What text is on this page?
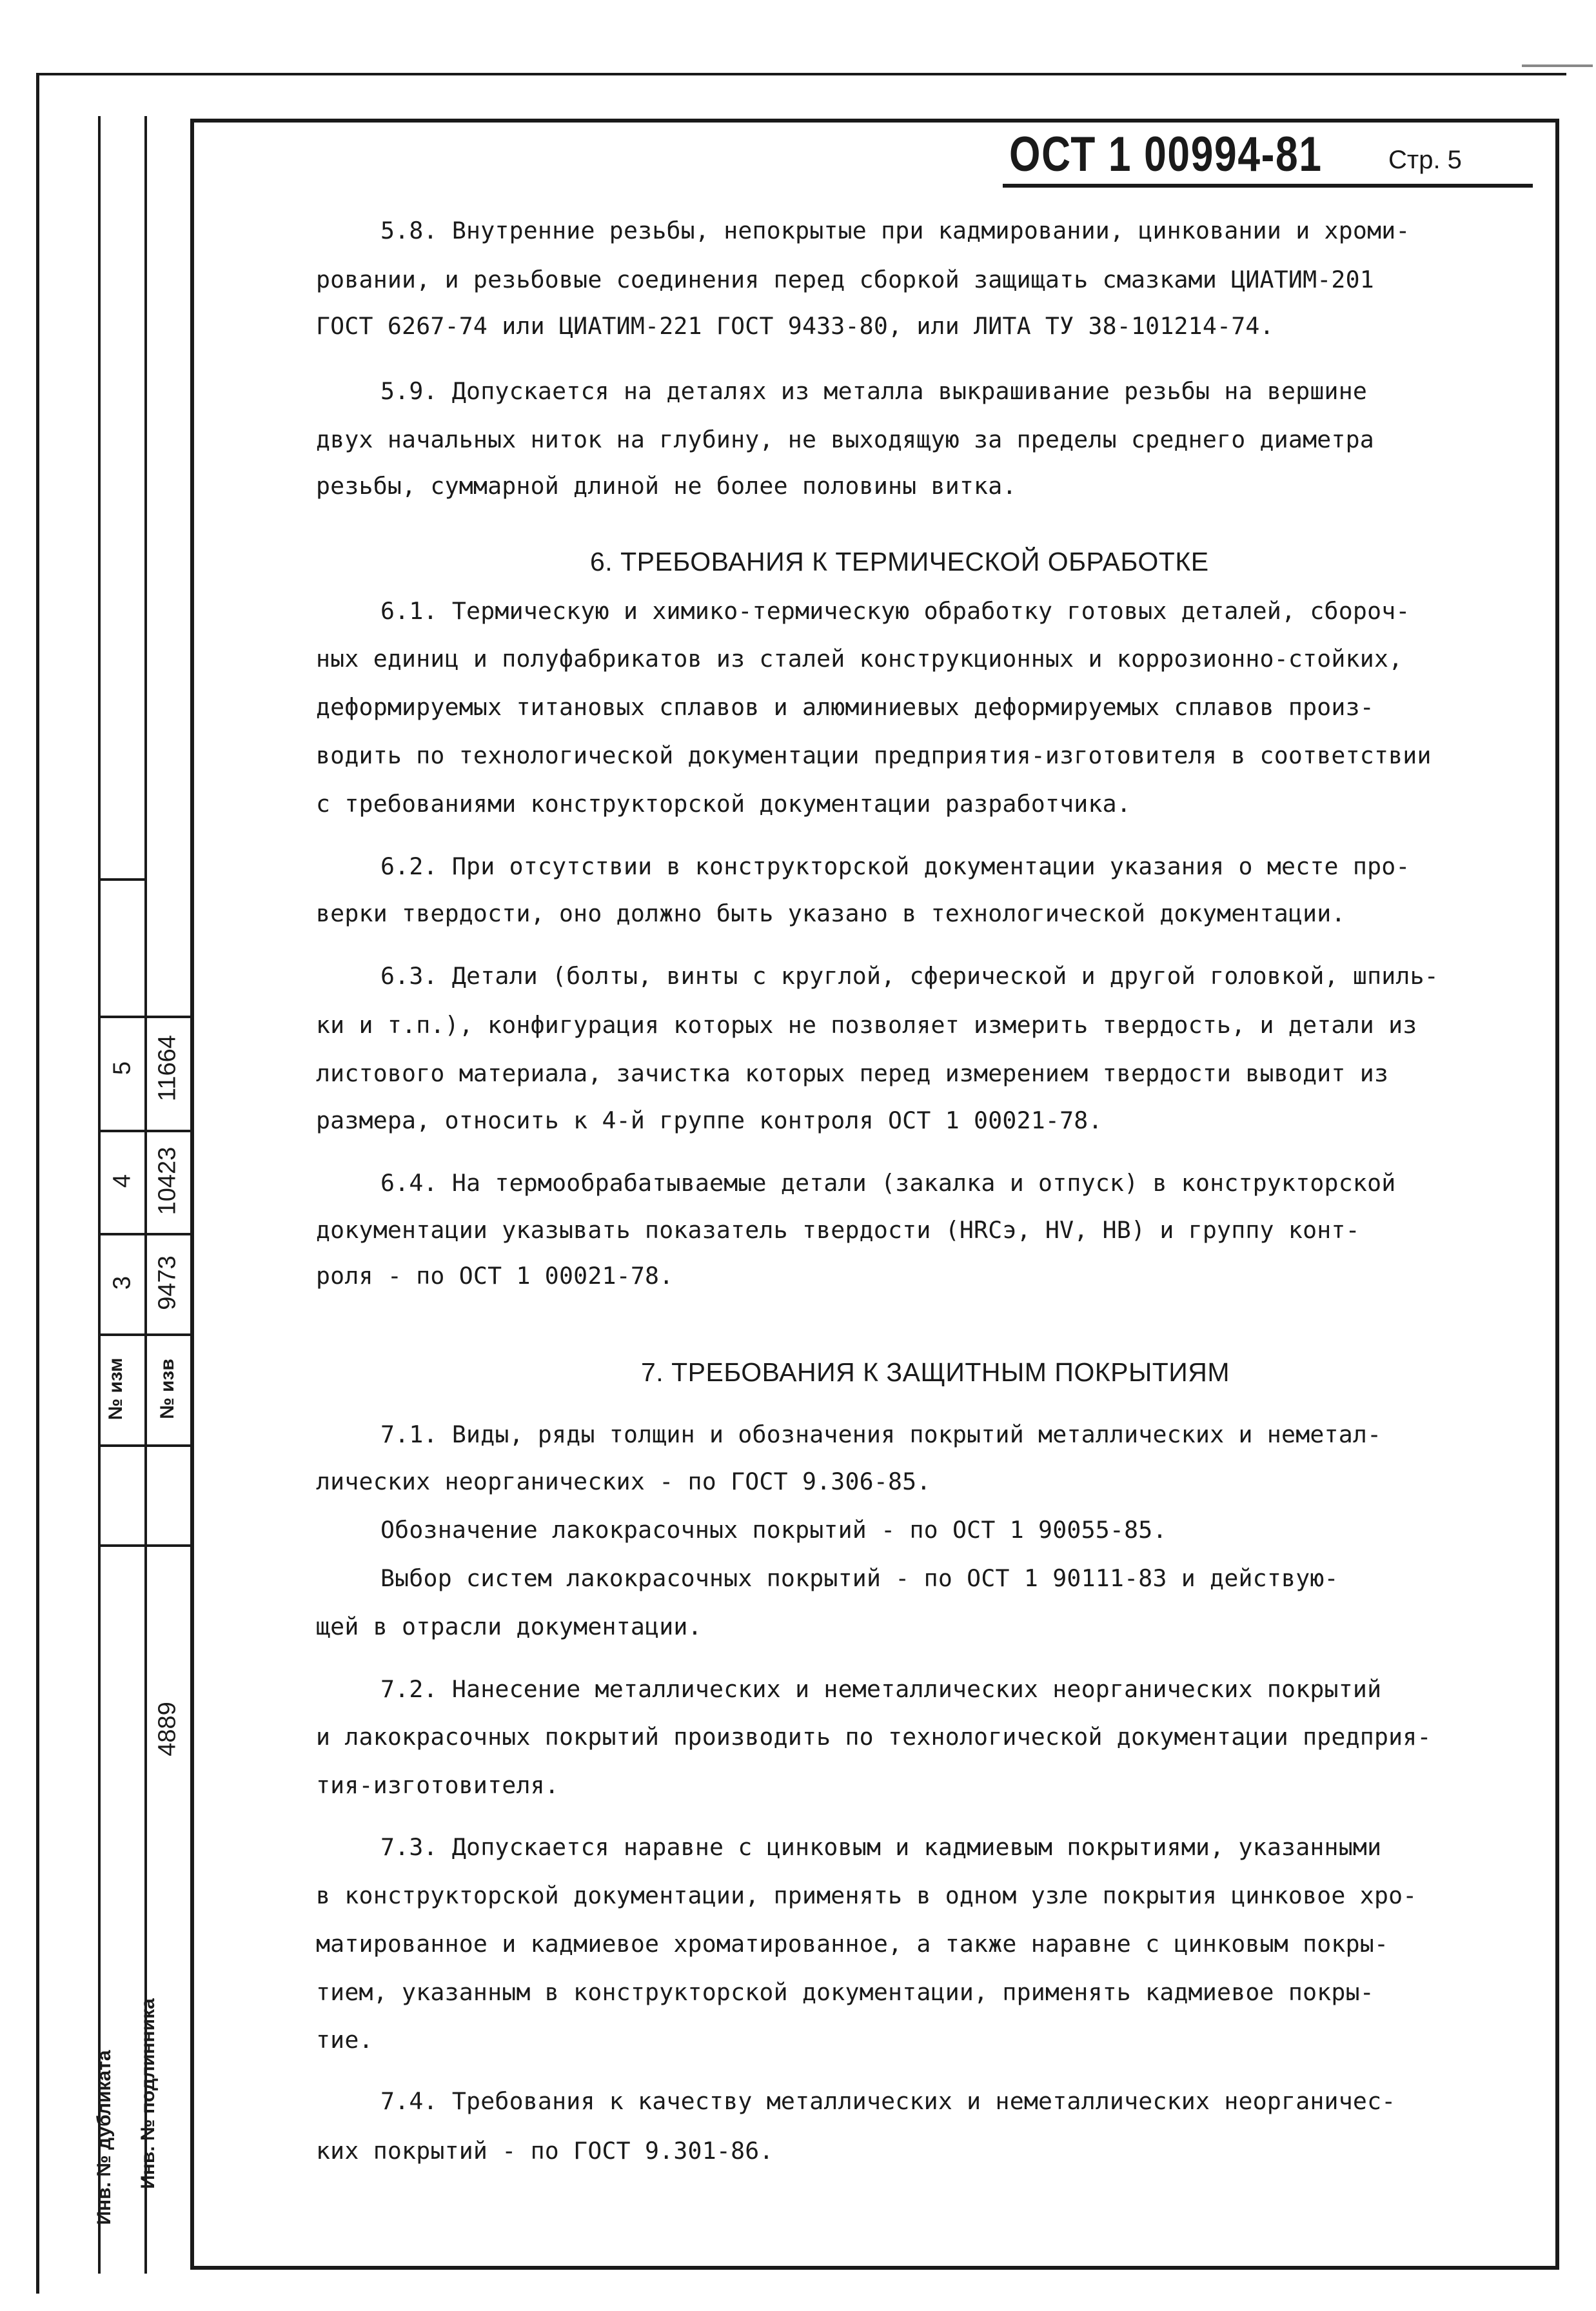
5 11664
4 10423
3 9473
№ изм № изв
4889
Инв. № дубликата Инв. № подлинника
ОСТ 1 00994-81	Стр. 5
5.8. Внутренние резьбы, непокрытые при кадмировании, цинковании и хроми-
ровании, и резьбовые соединения перед сборкой защищать смазками ЦИАТИМ-201
ГОСТ 6267-74 или ЦИАТИМ-221 ГОСТ 9433-80, или ЛИТА ТУ 38-101214-74.
5.9. Допускается на деталях из металла выкрашивание резьбы на вершине
двух начальных ниток на глубину, не выходящую за пределы среднего диаметра
резьбы, суммарной длиной не более половины витка.
6. ТРЕБОВАНИЯ К ТЕРМИЧЕСКОЙ ОБРАБОТКЕ
6.1. Термическую и химико-термическую обработку готовых деталей, сбороч-
ных единиц и полуфабрикатов из сталей конструкционных и коррозионно-стойких,
деформируемых титановых сплавов и алюминиевых деформируемых сплавов произ-
водить по технологической документации предприятия-изготовителя в соответствии
с требованиями конструкторской документации разработчика.
6.2. При отсутствии в конструкторской документации указания о месте про-
верки твердости, оно должно быть указано в технологической документации.
6.3. Детали (болты, винты с круглой, сферической и другой головкой, шпиль-
ки и т.п.), конфигурация которых не позволяет измерить твердость, и детали из
листового материала, зачистка которых перед измерением твердости выводит из
размера, относить к 4-й группе контроля ОСТ 1 00021-78.
6.4. На термообрабатываемые детали (закалка и отпуск) в конструкторской
документации указывать показатель твердости (HRCэ, HV, HB) и группу конт-
роля - по ОСТ 1 00021-78.
7. ТРЕБОВАНИЯ К ЗАЩИТНЫМ ПОКРЫТИЯМ
7.1. Виды, ряды толщин и обозначения покрытий металлических и неметал-
лических неорганических - по ГОСТ 9.306-85.
Обозначение лакокрасочных покрытий - по ОСТ 1 90055-85.
Выбор систем лакокрасочных покрытий - по ОСТ 1 90111-83 и действую-
щей в отрасли документации.
7.2. Нанесение металлических и неметаллических неорганических покрытий
и лакокрасочных покрытий производить по технологической документации предприя-
тия-изготовителя.
7.3. Допускается наравне с цинковым и кадмиевым покрытиями, указанными
в конструкторской документации, применять в одном узле покрытия цинковое хро-
матированное и кадмиевое хроматированное, а также наравне с цинковым покры-
тием, указанным в конструкторской документации, применять кадмиевое покры-
тие.
7.4. Требования к качеству металлических и неметаллических неорганичес-
ких покрытий - по ГОСТ 9.301-86.
